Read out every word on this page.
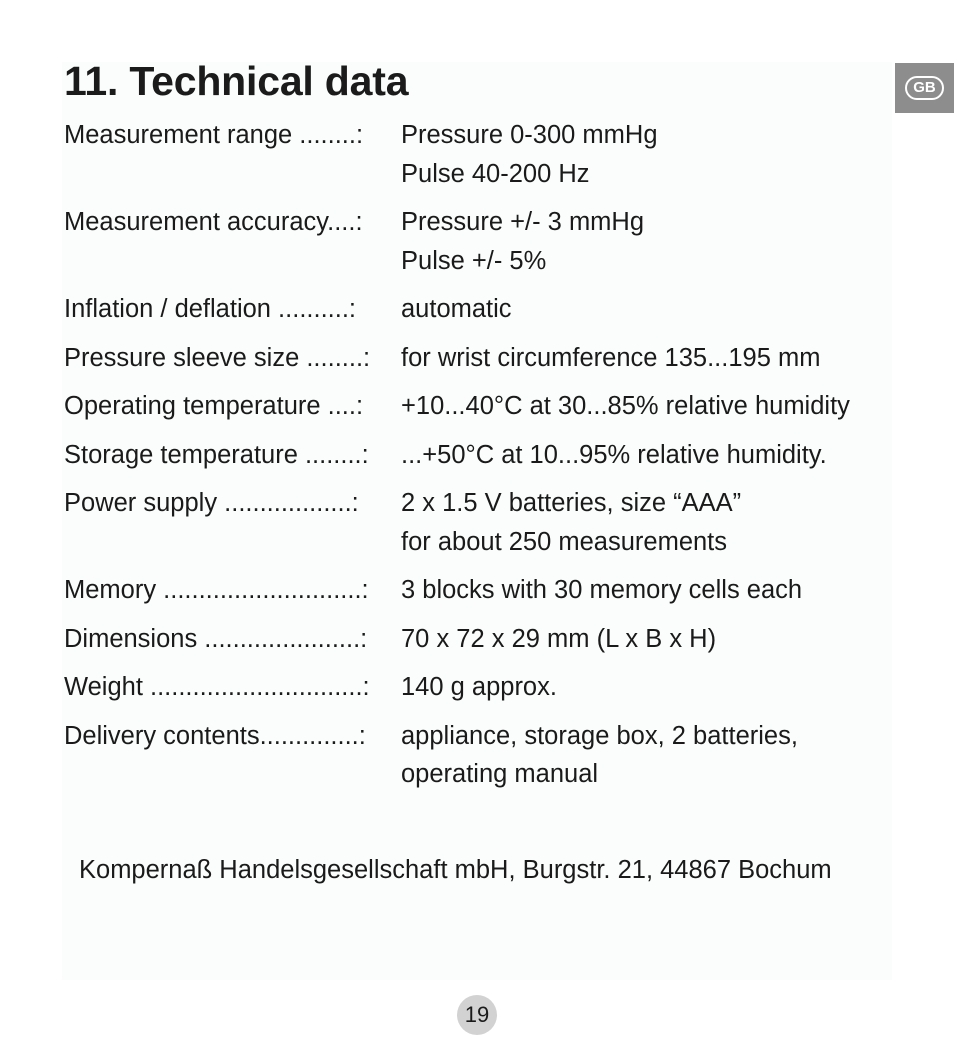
11. Technical data	GB
Measurement range ........:	Pressure 0-300 mmHg
Pulse 40-200 Hz
Measurement accuracy....:	Pressure +/- 3 mmHg
Pulse +/- 5%
Inflation / deflation ..........:	automatic
Pressure sleeve size ........:	for wrist circumference 135...195 mm
Operating temperature ....:	+10...40°C at 30...85% relative humidity
Storage temperature ........:	...+50°C at 10...95% relative humidity.
Power supply ..................:	2 x 1.5 V batteries, size “AAA”
for about 250 measurements
Memory ............................:	3 blocks with 30 memory cells each
Dimensions ......................:	70 x 72 x 29 mm (L x B x H)
Weight ..............................:	140 g approx.
Delivery contents..............:	appliance, storage box, 2 batteries,
operating manual

Kompernaß Handelsgesellschaft mbH, Burgstr. 21, 44867 Bochum

19
